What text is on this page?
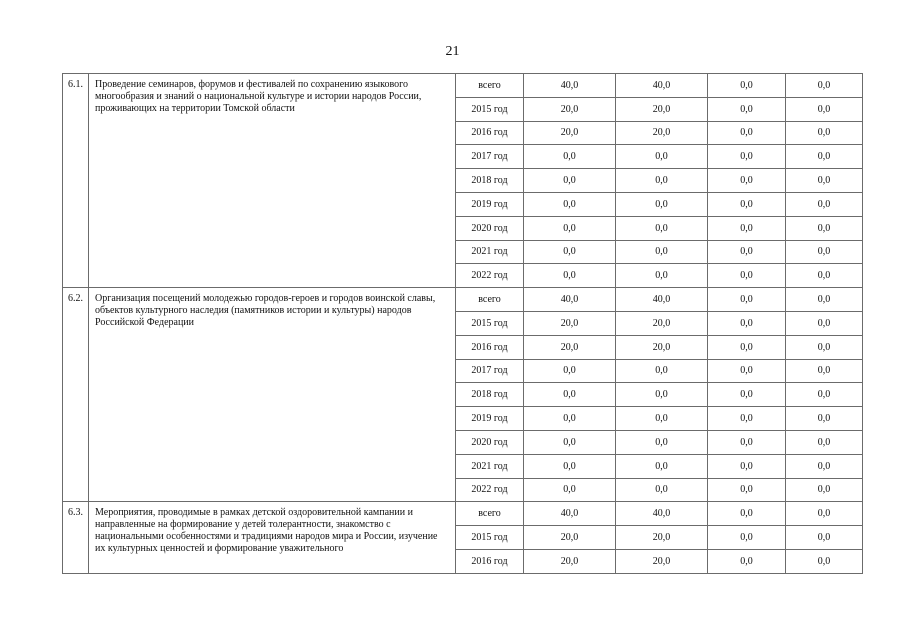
21
6.1.	Проведение семинаров, форумов и фестивалей по сохранению языкового многообразия и знаний о национальной культуре и истории народов России, проживающих на территории Томской области	всего	40,0	40,0	0,0	0,0
		2015 год	20,0	20,0	0,0	0,0
		2016 год	20,0	20,0	0,0	0,0
		2017 год	0,0	0,0	0,0	0,0
		2018 год	0,0	0,0	0,0	0,0
		2019 год	0,0	0,0	0,0	0,0
		2020 год	0,0	0,0	0,0	0,0
		2021 год	0,0	0,0	0,0	0,0
		2022 год	0,0	0,0	0,0	0,0
6.2.	Организация посещений молодежью городов-героев и городов воинской славы, объектов культурного наследия (памятников истории и культуры) народов Российской Федерации	всего	40,0	40,0	0,0	0,0
		2015 год	20,0	20,0	0,0	0,0
		2016 год	20,0	20,0	0,0	0,0
		2017 год	0,0	0,0	0,0	0,0
		2018 год	0,0	0,0	0,0	0,0
		2019 год	0,0	0,0	0,0	0,0
		2020 год	0,0	0,0	0,0	0,0
		2021 год	0,0	0,0	0,0	0,0
		2022 год	0,0	0,0	0,0	0,0
6.3.	Мероприятия, проводимые в рамках детской оздоровительной кампании и направленные на формирование у детей толерантности, знакомство с национальными особенностями и традициями народов мира и России, изучение их культурных ценностей и формирование уважительного	всего	40,0	40,0	0,0	0,0
		2015 год	20,0	20,0	0,0	0,0
		2016 год	20,0	20,0	0,0	0,0
